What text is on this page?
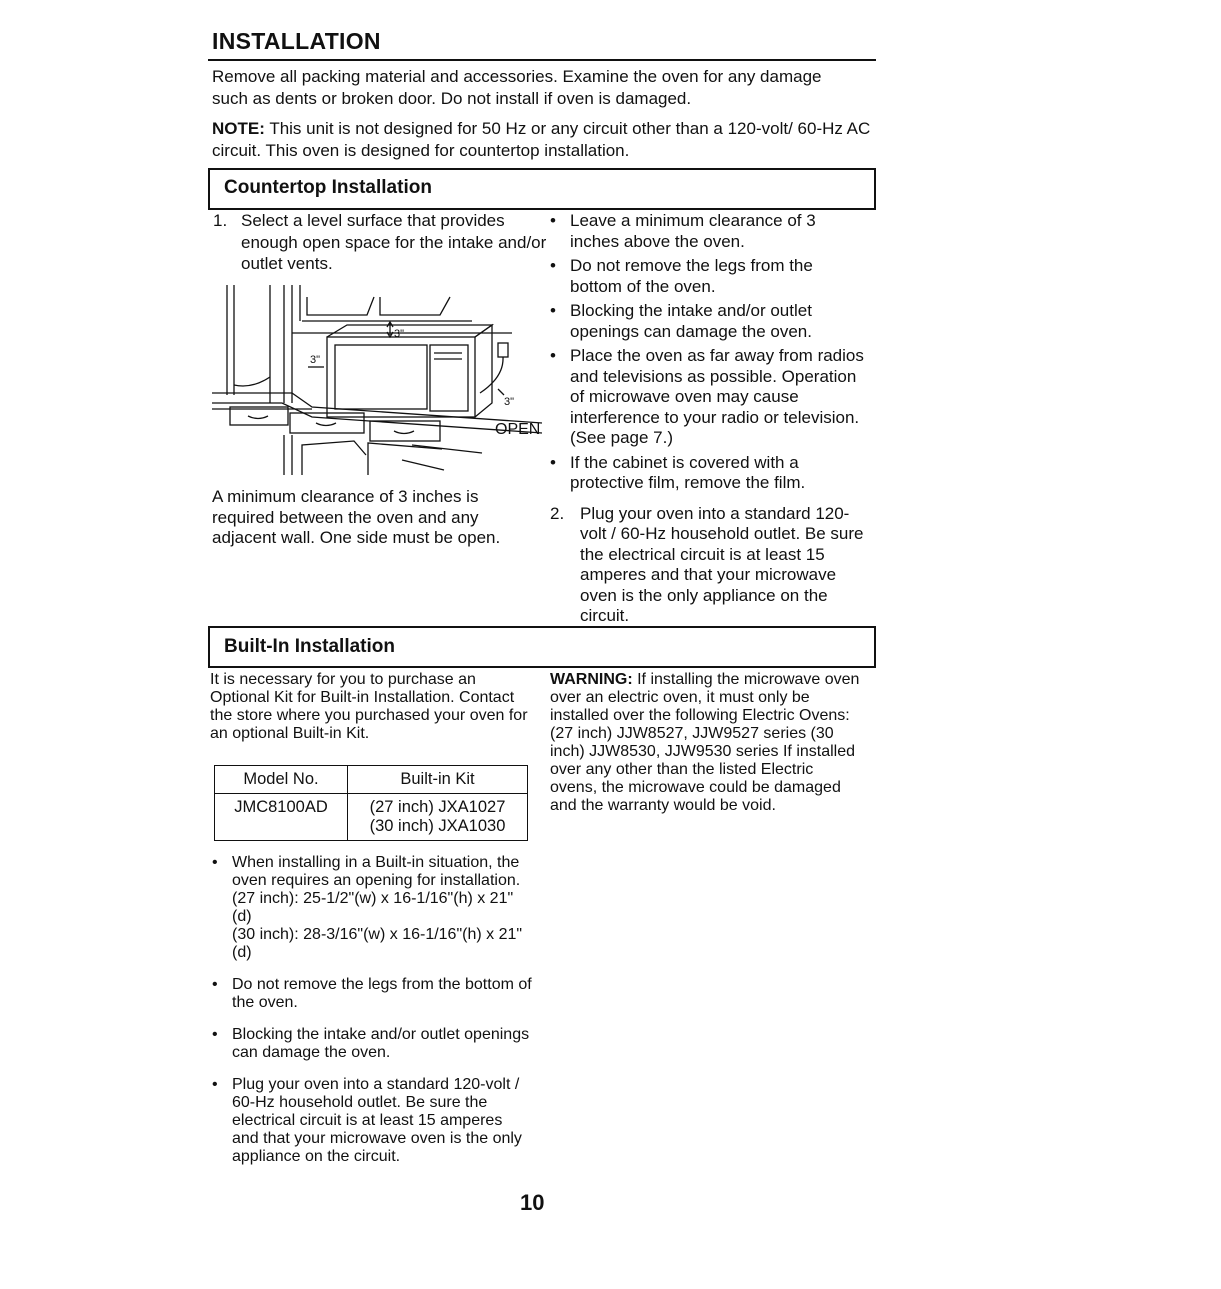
INSTALLATION
Remove all packing material and accessories. Examine the oven for any damage such as dents or broken door. Do not install if oven is damaged.
NOTE: This unit is not designed for 50 Hz or any circuit other than a 120-volt/ 60-Hz AC circuit. This oven is designed for countertop installation.
Countertop Installation
1. Select a level surface that provides enough open space for the intake and/or outlet vents.
3"
3"
3"
OPEN
A minimum clearance of 3 inches is required between the oven and any adjacent wall. One side must be open.
• Leave a minimum clearance of 3 inches above the oven.
• Do not remove the legs from the bottom of the oven.
• Blocking the intake and/or outlet openings can damage the oven.
• Place the oven as far away from radios and televisions as possible. Operation of microwave oven may cause interference to your radio or television. (See page 7.)
• If the cabinet is covered with a protective film, remove the film.
2. Plug your oven into a standard 120-volt / 60-Hz household outlet. Be sure the electrical circuit is at least 15 amperes and that your microwave oven is the only appliance on the circuit.
Built-In Installation
It is necessary for you to purchase an Optional Kit for Built-in Installation. Contact the store where you purchased your oven for an optional Built-in Kit.
Model No.	Built-in Kit
JMC8100AD	(27 inch) JXA1027
(30 inch) JXA1030
• When installing in a Built-in situation, the oven requires an opening for installation.
(27 inch): 25-1/2"(w) x 16-1/16"(h) x 21"(d)
(30 inch): 28-3/16"(w) x 16-1/16"(h) x 21"(d)
• Do not remove the legs from the bottom of the oven.
• Blocking the intake and/or outlet openings can damage the oven.
• Plug your oven into a standard 120-volt / 60-Hz household outlet. Be sure the electrical circuit is at least 15 amperes and that your microwave oven is the only appliance on the circuit.
WARNING: If installing the microwave oven over an electric oven, it must only be installed over the following Electric Ovens: (27 inch) JJW8527, JJW9527 series (30 inch) JJW8530, JJW9530 series If installed over any other than the listed Electric ovens, the microwave could be damaged and the warranty would be void.
10
